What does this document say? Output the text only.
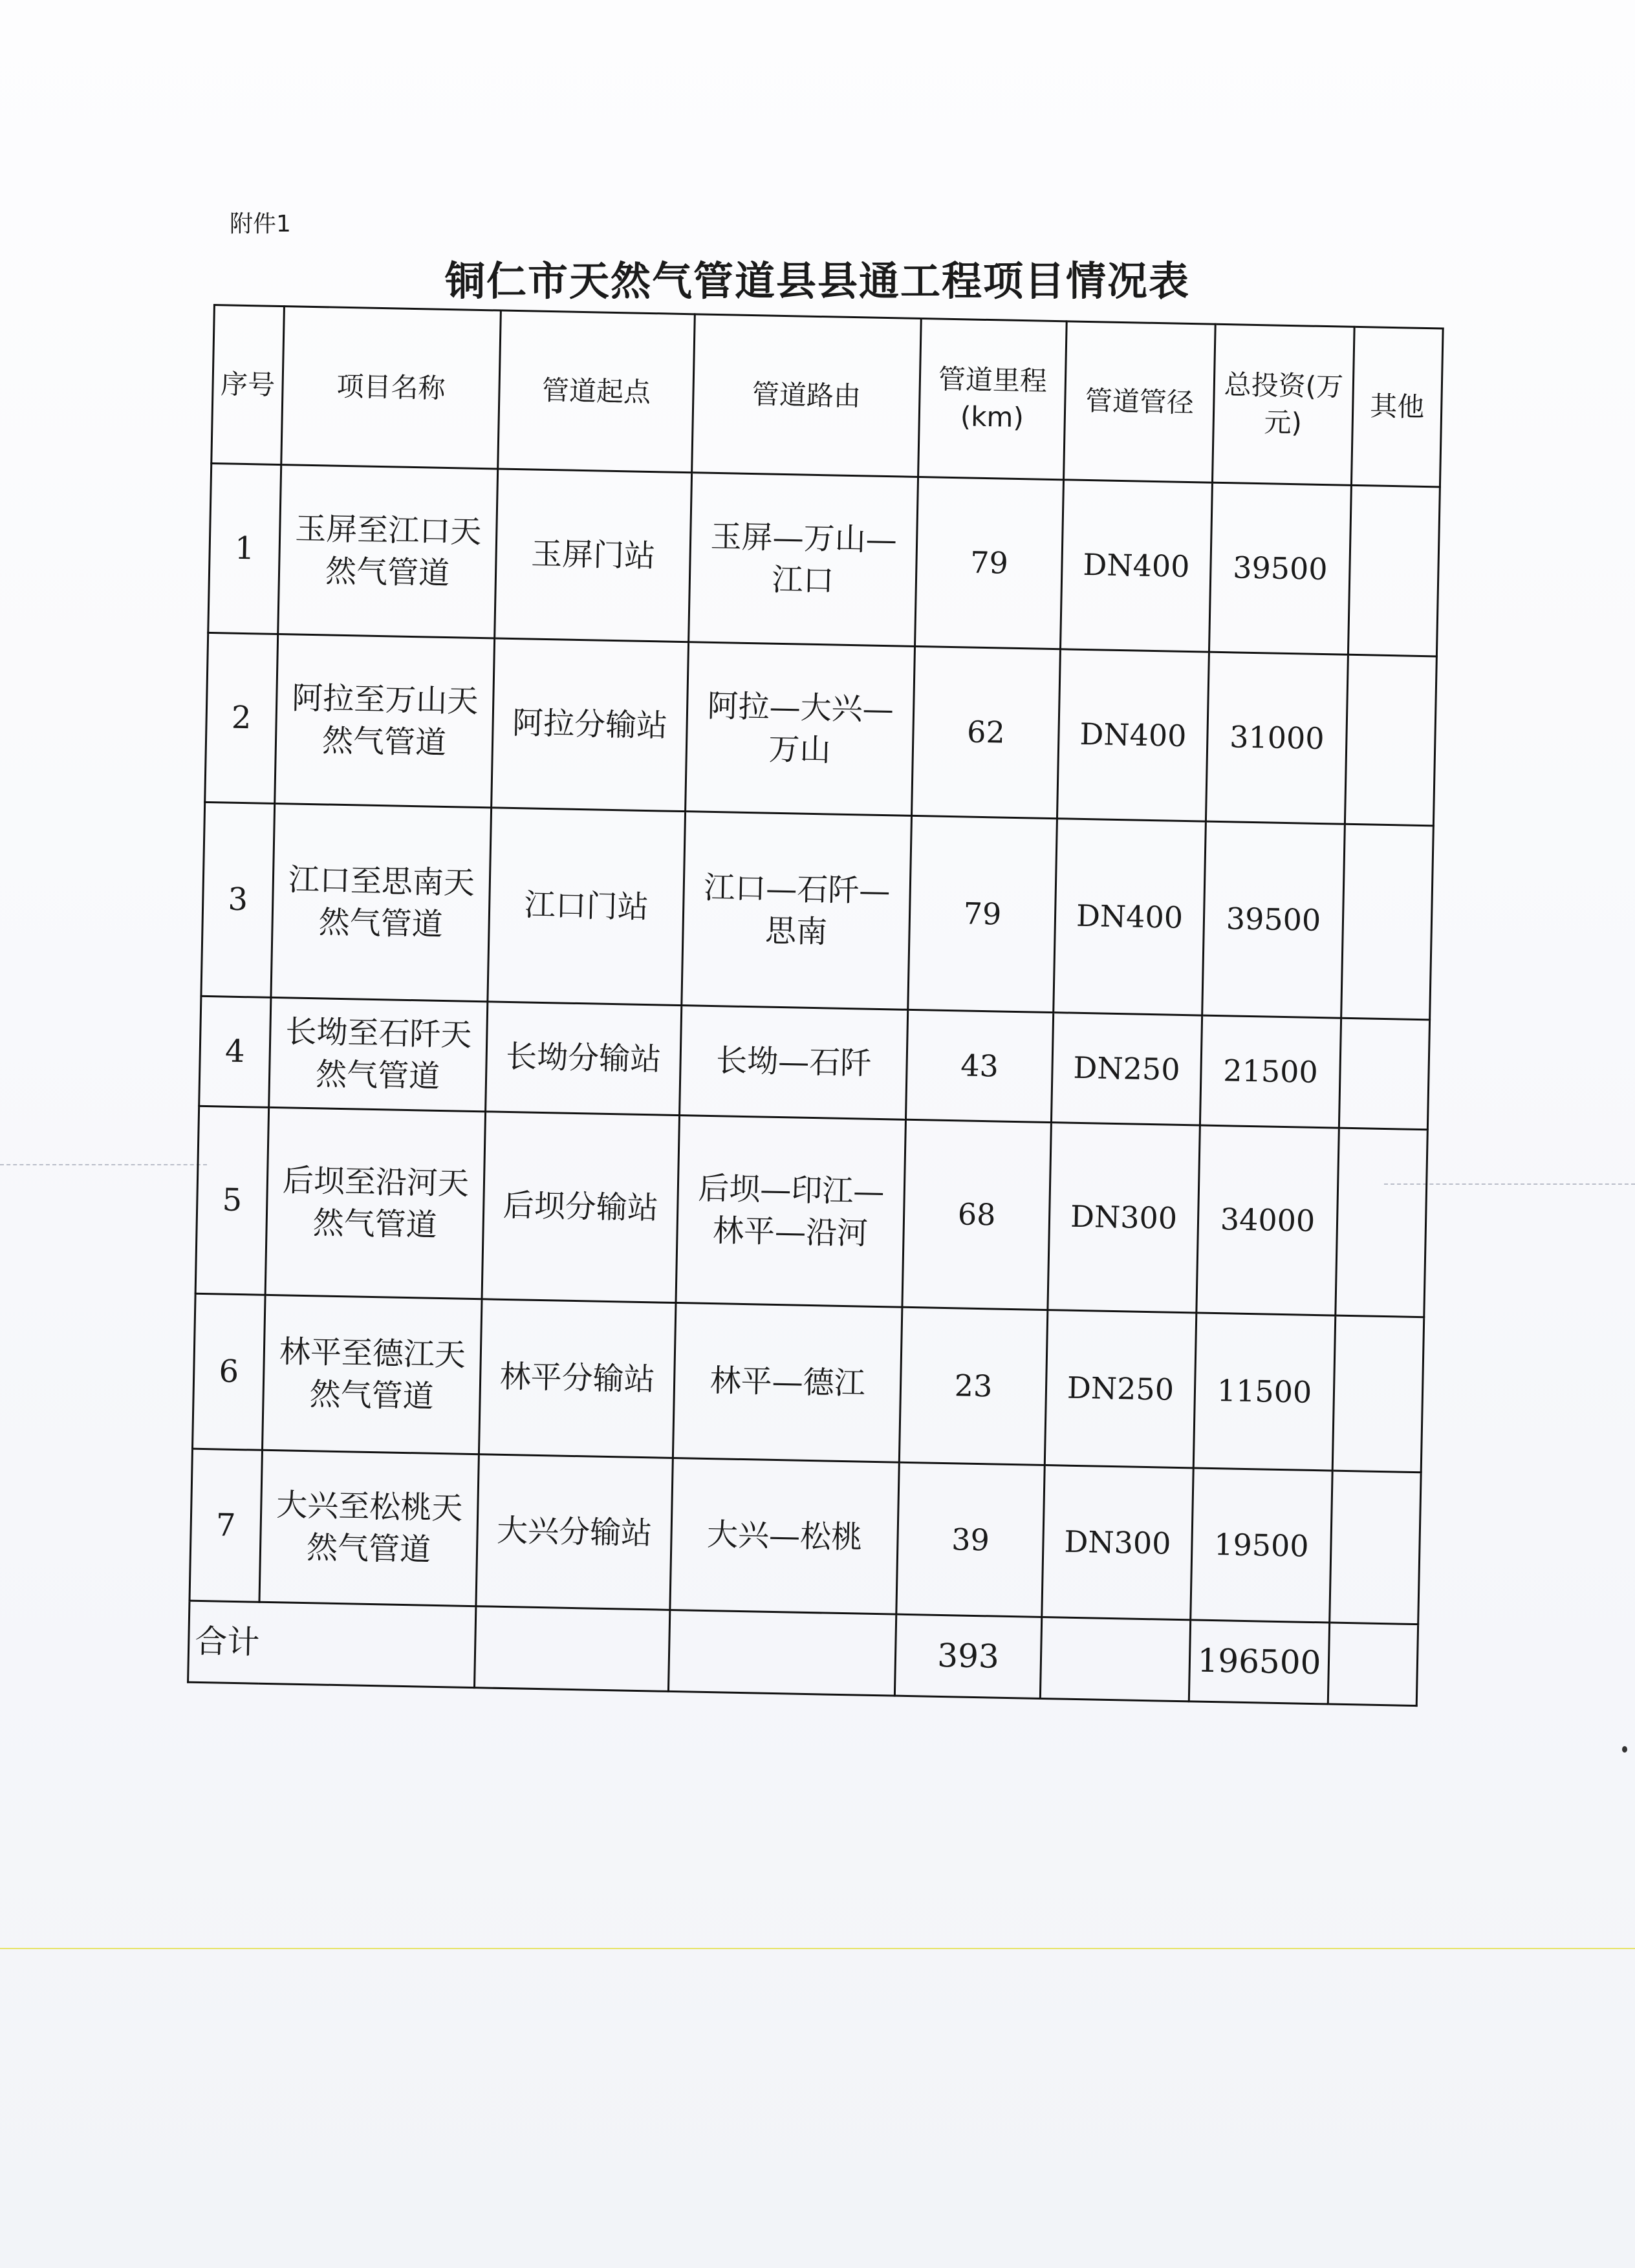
附件1
铜仁市天然气管道县县通工程项目情况表
序号	项目名称	管道起点	管道路由	管道里程(km)	管道管径	总投资(万元)	其他
1	玉屏至江口天然气管道	玉屏门站	玉屏—万山—江口	79	DN400	39500	
2	阿拉至万山天然气管道	阿拉分输站	阿拉—大兴—万山	62	DN400	31000	
3	江口至思南天然气管道	江口门站	江口—石阡—思南	79	DN400	39500	
4	长坳至石阡天然气管道	长坳分输站	长坳—石阡	43	DN250	21500	
5	后坝至沿河天然气管道	后坝分输站	后坝—印江—林平—沿河	68	DN300	34000	
6	林平至德江天然气管道	林平分输站	林平—德江	23	DN250	11500	
7	大兴至松桃天然气管道	大兴分输站	大兴—松桃	39	DN300	19500	
合计				393		196500	
